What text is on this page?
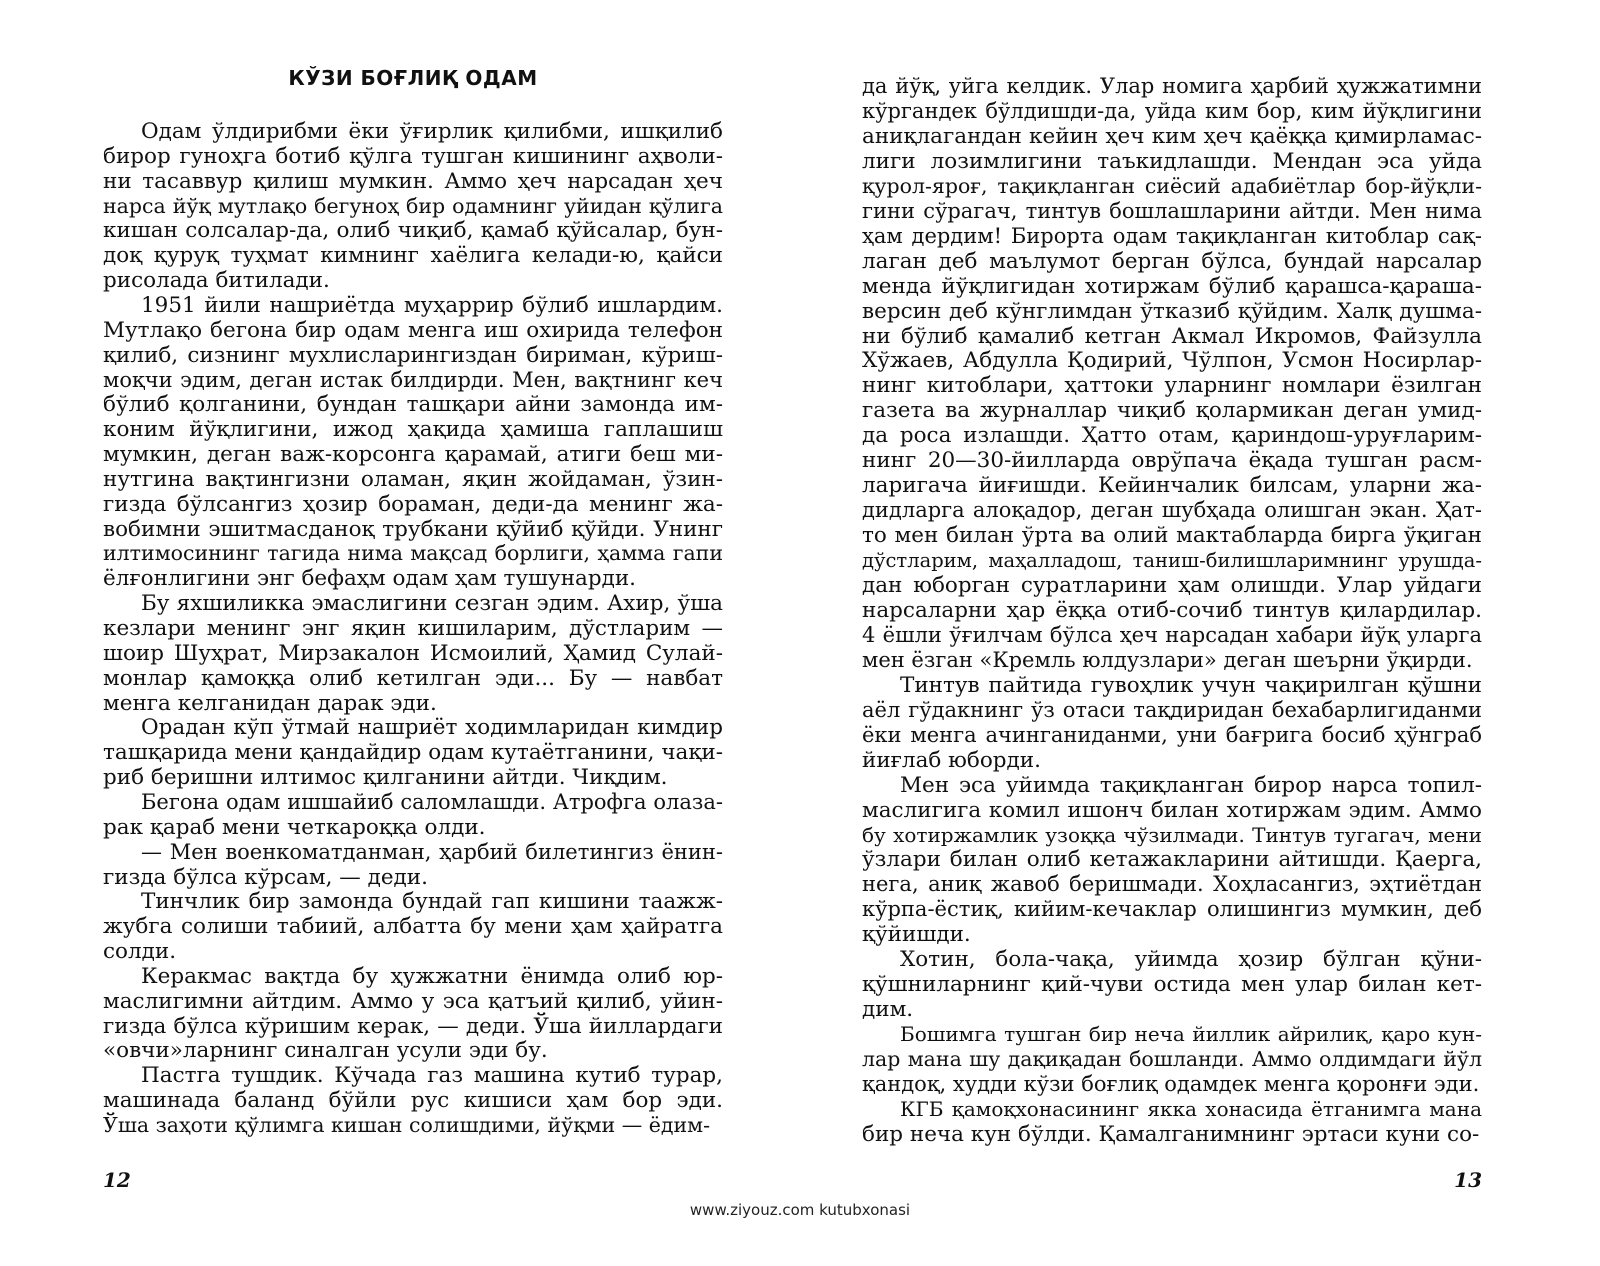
КЎЗИ БОҒЛИҚ ОДАМ
Одам ўлдирибми ёки ўғирлик қилибми, ишқилиб
бирор гуноҳга ботиб қўлга тушган кишининг аҳволи-
ни тасаввур қилиш мумкин. Аммо ҳеч нарсадан ҳеч
нарса йўқ мутлақо бегуноҳ бир одамнинг уйидан қўлига
кишан солсалар-да, олиб чиқиб, қамаб қўйсалар, бун-
доқ қуруқ туҳмат кимнинг хаёлига келади-ю, қайси
рисолада битилади.
1951 йили нашриётда муҳаррир бўлиб ишлардим.
Мутлақо бегона бир одам менга иш охирида телефон
қилиб, сизнинг мухлисларингиздан бириман, кўриш-
моқчи эдим, деган истак билдирди. Мен, вақтнинг кеч
бўлиб қолганини, бундан ташқари айни замонда им-
коним йўқлигини, ижод ҳақида ҳамиша гаплашиш
мумкин, деган важ-корсонга қарамай, атиги беш ми-
нутгина вақтингизни оламан, яқин жойдаман, ўзин-
гизда бўлсангиз ҳозир бораман, деди-да менинг жа-
вобимни эшитмасданоқ трубкани қўйиб қўйди. Унинг
илтимосининг тагида нима мақсад борлиги, ҳамма гапи
ёлғонлигини энг бефаҳм одам ҳам тушунарди.
Бу яхшиликка эмаслигини сезган эдим. Ахир, ўша
кезлари менинг энг яқин кишиларим, дўстларим —
шоир Шуҳрат, Мирзакалон Исмоилий, Ҳамид Сулай-
монлар қамоққа олиб кетилган эди... Бу — навбат
менга келганидан дарак эди.
Орадан кўп ўтмай нашриёт ходимларидан кимдир
ташқарида мени қандайдир одам кутаётганини, чақи-
риб беришни илтимос қилганини айтди. Чиқдим.
Бегона одам ишшайиб саломлашди. Атрофга олаза-
рак қараб мени четкароққа олди.
— Мен военкоматданман, ҳарбий билетингиз ёнин-
гизда бўлса кўрсам, — деди.
Тинчлик бир замонда бундай гап кишини таажж-
жубга солиши табиий, албатта бу мени ҳам ҳайратга
солди.
Керакмас вақтда бу ҳужжатни ёнимда олиб юр-
маслигимни айтдим. Аммо у эса қатъий қилиб, уйин-
гизда бўлса кўришим керак, — деди. Ўша йиллардаги
«овчи»ларнинг синалган усули эди бу.
Пастга тушдик. Кўчада газ машина кутиб турар,
машинада баланд бўйли рус кишиси ҳам бор эди.
Ўша заҳоти қўлимга кишан солишдими, йўқми — ёдим-
12
да йўқ, уйга келдик. Улар номига ҳарбий ҳужжатимни
кўргандек бўлдишди-да, уйда ким бор, ким йўқлигини
аниқлагандан кейин ҳеч ким ҳеч қаёққа қимирламас-
лиги лозимлигини таъкидлашди. Мендан эса уйда
қурол-яроғ, тақиқланган сиёсий адабиётлар бор-йўқли-
гини сўрагач, тинтув бошлашларини айтди. Мен нима
ҳам дердим! Бирорта одам тақиқланган китоблар сақ-
лаган деб маълумот берган бўлса, бундай нарсалар
менда йўқлигидан хотиржам бўлиб қарашса-қараша-
версин деб кўнглимдан ўтказиб қўйдим. Халқ душма-
ни бўлиб қамалиб кетган Акмал Икромов, Файзулла
Хўжаев, Абдулла Қодирий, Чўлпон, Усмон Носирлар-
нинг китоблари, ҳаттоки уларнинг номлари ёзилган
газета ва журналлар чиқиб қолармикан деган умид-
да роса излашди. Ҳатто отам, қариндош-уруғларим-
нинг 20—30-йилларда оврўпача ёқада тушган расм-
ларигача йиғишди. Кейинчалик билсам, уларни жа-
дидларга алоқадор, деган шубҳада олишган экан. Ҳат-
то мен билан ўрта ва олий мактабларда бирга ўқиган
дўстларим, маҳалладош, таниш-билишларимнинг урушда-
дан юборган суратларини ҳам олишди. Улар уйдаги
нарсаларни ҳар ёққа отиб-сочиб тинтув қилардилар.
4 ёшли ўғилчам бўлса ҳеч нарсадан хабари йўқ уларга
мен ёзган «Кремль юлдузлари» деган шеърни ўқирди.
Тинтув пайтида гувоҳлик учун чақирилган қўшни
аёл гўдакнинг ўз отаси тақдиридан бехабарлигиданми
ёки менга ачинганиданми, уни бағрига босиб ҳўнграб
йиғлаб юборди.
Мен эса уйимда тақиқланган бирор нарса топил-
маслигига комил ишонч билан хотиржам эдим. Аммо
бу хотиржамлик узоққа чўзилмади. Тинтув тугагач, мени
ўзлари билан олиб кетажакларини айтишди. Қаерга,
нега, аниқ жавоб беришмади. Хоҳласангиз, эҳтиётдан
кўрпа-ёстиқ, кийим-кечаклар олишингиз мумкин, деб
қўйишди.
Хотин, бола-чақа, уйимда ҳозир бўлган қўни-
қўшниларнинг қий-чуви остида мен улар билан кет-
дим.
Бошимга тушган бир неча йиллик айрилиқ, қаро кун-
лар мана шу дақиқадан бошланди. Аммо олдимдаги йўл
қандоқ, худди кўзи боғлиқ одамдек менга қоронғи эди.
КГБ қамоқхонасининг якка хонасида ётганимга мана
бир неча кун бўлди. Қамалганимнинг эртаси куни со-
13
www.ziyouz.com kutubxonasi
